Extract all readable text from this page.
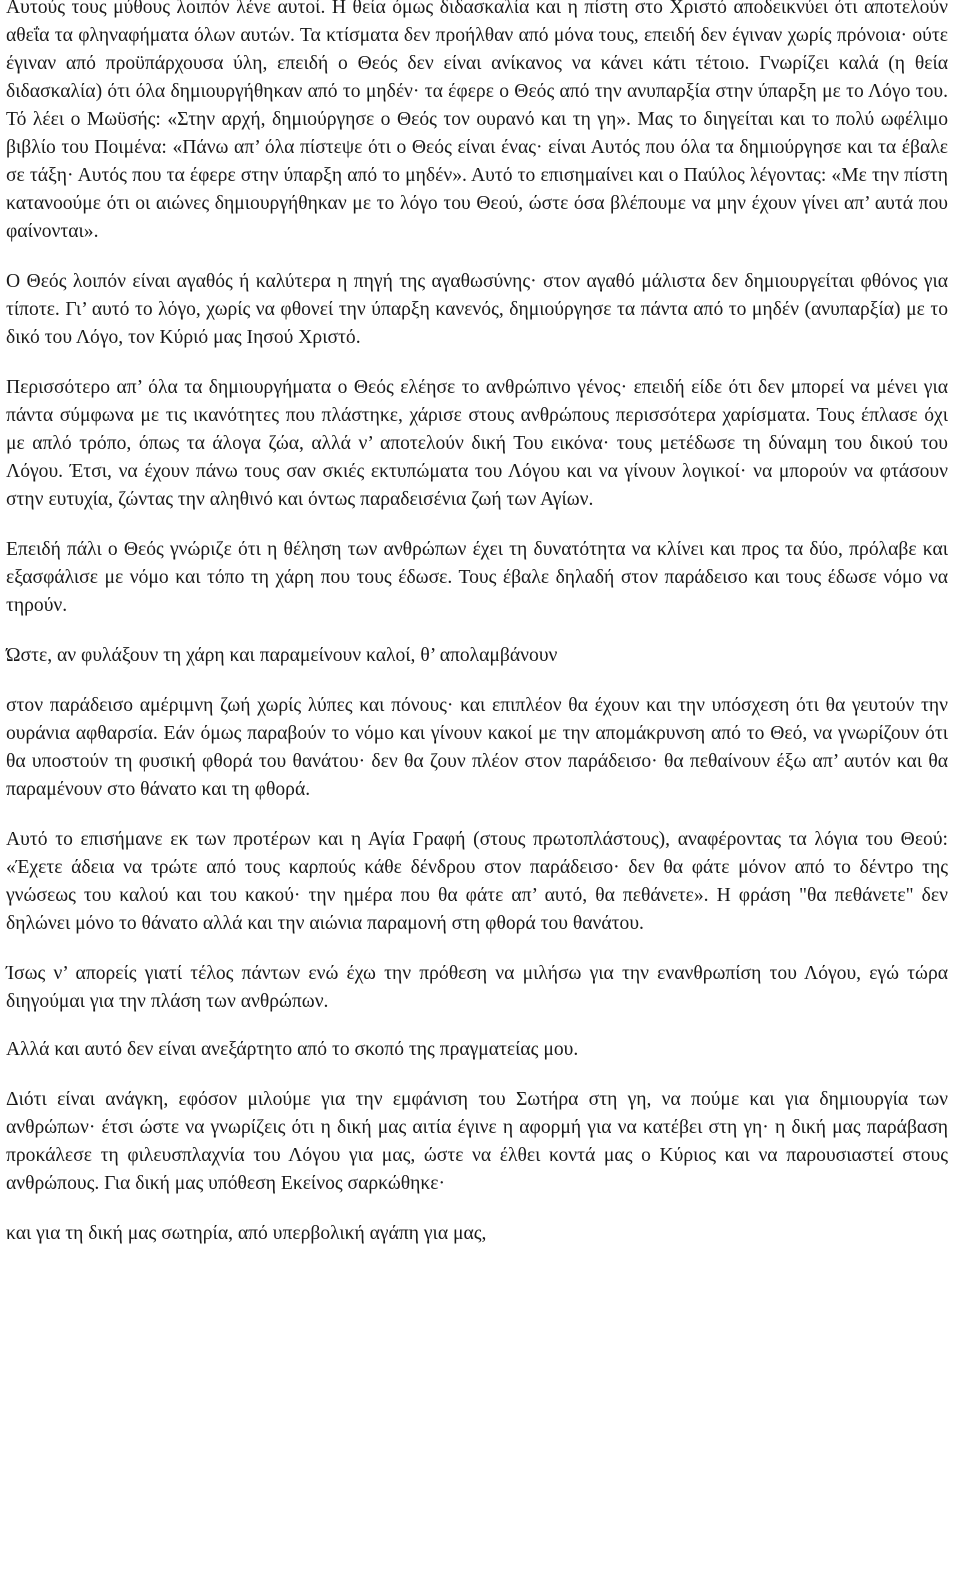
Αυτούς τους μύθους λοιπόν λένε αυτοί. Η θεία όμως διδασκαλία και η πίστη στο Χριστό αποδεικνύει ότι αποτελούν αθεΐα τα φληναφήματα όλων αυτών. Τα κτίσματα δεν προήλθαν από μόνα τους, επειδή δεν έγιναν χωρίς πρόνοια· ούτε έγιναν από προϋπάρχουσα ύλη, επειδή ο Θεός δεν είναι ανίκανος να κάνει κάτι τέτοιο. Γνωρίζει καλά (η θεία διδασκαλία) ότι όλα δημιουργήθηκαν από το μηδέν· τα έφερε ο Θεός από την ανυπαρξία στην ύπαρξη με το Λόγο του. Τό λέει ο Μωϋσής: «Στην αρχή, δημιούργησε ο Θεός τον ουρανό και τη γη». Μας το διηγείται και το πολύ ωφέλιμο βιβλίο του Ποιμένα: «Πάνω απ’ όλα πίστεψε ότι ο Θεός είναι ένας· είναι Αυτός που όλα τα δημιούργησε και τα έβαλε σε τάξη· Αυτός που τα έφερε στην ύπαρξη από το μηδέν». Αυτό το επισημαίνει και ο Παύλος λέγοντας: «Με την πίστη κατανοούμε ότι οι αιώνες δημιουργήθηκαν με το λόγο του Θεού, ώστε όσα βλέπουμε να μην έχουν γίνει απ’ αυτά που φαίνονται».

Ο Θεός λοιπόν είναι αγαθός ή καλύτερα η πηγή της αγαθωσύνης· στον αγαθό μάλιστα δεν δημιουργείται φθόνος για τίποτε. Γι’ αυτό το λόγο, χωρίς να φθονεί την ύπαρξη κανενός, δημιούργησε τα πάντα από το μηδέν (ανυπαρξία) με το δικό του Λόγο, τον Κύριό μας Ιησού Χριστό.

Περισσότερο απ’ όλα τα δημιουργήματα ο Θεός ελέησε το ανθρώπινο γένος· επειδή είδε ότι δεν μπορεί να μένει για πάντα σύμφωνα με τις ικανότητες που πλάστηκε, χάρισε στους ανθρώπους περισσότερα χαρίσματα. Τους έπλασε όχι με απλό τρόπο, όπως τα άλογα ζώα, αλλά ν’ αποτελούν δική Του εικόνα· τους μετέδωσε τη δύναμη του δικού του Λόγου. Έτσι, να έχουν πάνω τους σαν σκιές εκτυπώματα του Λόγου και να γίνουν λογικοί· να μπορούν να φτάσουν στην ευτυχία, ζώντας την αληθινό και όντως παραδεισένια ζωή των Αγίων.

Επειδή πάλι ο Θεός γνώριζε ότι η θέληση των ανθρώπων έχει τη δυνατότητα να κλίνει και προς τα δύο, πρόλαβε και εξασφάλισε με νόμο και τόπο τη χάρη που τους έδωσε. Τους έβαλε δηλαδή στον παράδεισο και τους έδωσε νόμο να τηρούν.

Ώστε, αν φυλάξουν τη χάρη και παραμείνουν καλοί, θ’ απολαμβάνουν

στον παράδεισο αμέριμνη ζωή χωρίς λύπες και πόνους· και επιπλέον θα έχουν και την υπόσχεση ότι θα γευτούν την ουράνια αφθαρσία. Εάν όμως παραβούν το νόμο και γίνουν κακοί με την απομάκρυνση από το Θεό, να γνωρίζουν ότι θα υποστούν τη φυσική φθορά του θανάτου· δεν θα ζουν πλέον στον παράδεισο· θα πεθαίνουν έξω απ’ αυτόν και θα παραμένουν στο θάνατο και τη φθορά.

Αυτό το επισήμανε εκ των προτέρων και η Αγία Γραφή (στους πρωτοπλάστους), αναφέροντας τα λόγια του Θεού: «Έχετε άδεια να τρώτε από τους καρπούς κάθε δένδρου στον παράδεισο· δεν θα φάτε μόνον από το δέντρο της γνώσεως του καλού και του κακού· την ημέρα που θα φάτε απ’ αυτό, θα πεθάνετε». Η φράση "θα πεθάνετε" δεν δηλώνει μόνο το θάνατο αλλά και την αιώνια παραμονή στη φθορά του θανάτου.

Ίσως ν’ απορείς γιατί τέλος πάντων ενώ έχω την πρόθεση να μιλήσω για την ενανθρωπίση του Λόγου, εγώ τώρα διηγούμαι για την πλάση των ανθρώπων.

Αλλά και αυτό δεν είναι ανεξάρτητο από το σκοπό της πραγματείας μου.

Διότι είναι ανάγκη, εφόσον μιλούμε για την εμφάνιση του Σωτήρα στη γη, να πούμε και για δημιουργία των ανθρώπων· έτσι ώστε να γνωρίζεις ότι η δική μας αιτία έγινε η αφορμή για να κατέβει στη γη· η δική μας παράβαση προκάλεσε τη φιλευσπλαχνία του Λόγου για μας, ώστε να έλθει κοντά μας ο Κύριος και να παρουσιαστεί στους ανθρώπους. Για δική μας υπόθεση Εκείνος σαρκώθηκε·

και για τη δική μας σωτηρία, από υπερβολική αγάπη για μας,
